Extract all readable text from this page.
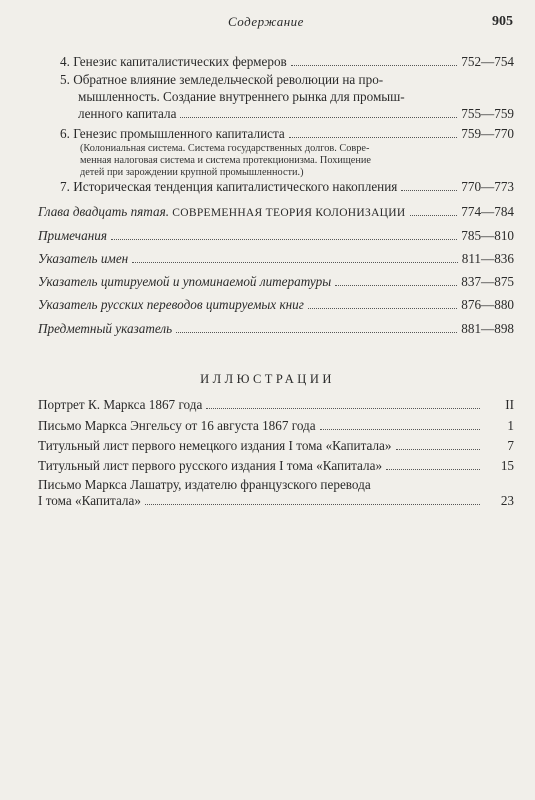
Содержание	905
4. Генезис капиталистических фермеров	752—754
5. Обратное влияние земледельческой революции на про-
мышленность. Создание внутреннего рынка для промыш-
ленного капитала	755—759
6. Генезис промышленного капиталиста	759—770
(Колониальная система. Система государственных долгов. Совре-
менная налоговая система и система протекционизма. Похищение
детей при зарождении крупной промышленности.)
7. Историческая тенденция капиталистического накопления	770—773
Глава двадцать пятая. СОВРЕМЕННАЯ ТЕОРИЯ КОЛОНИЗАЦИИ	774—784
Примечания	785—810
Указатель имен	811—836
Указатель цитируемой и упоминаемой литературы	837—875
Указатель русских переводов цитируемых книг	876—880
Предметный указатель	881—898
ИЛЛЮСТРАЦИИ
Портрет К. Маркса 1867 года	II
Письмо Маркса Энгельсу от 16 августа 1867 года	1
Титульный лист первого немецкого издания I тома «Капитала»	7
Титульный лист первого русского издания I тома «Капитала»	15
Письмо Маркса Лашатру, издателю французского перевода
I тома «Капитала»	23
